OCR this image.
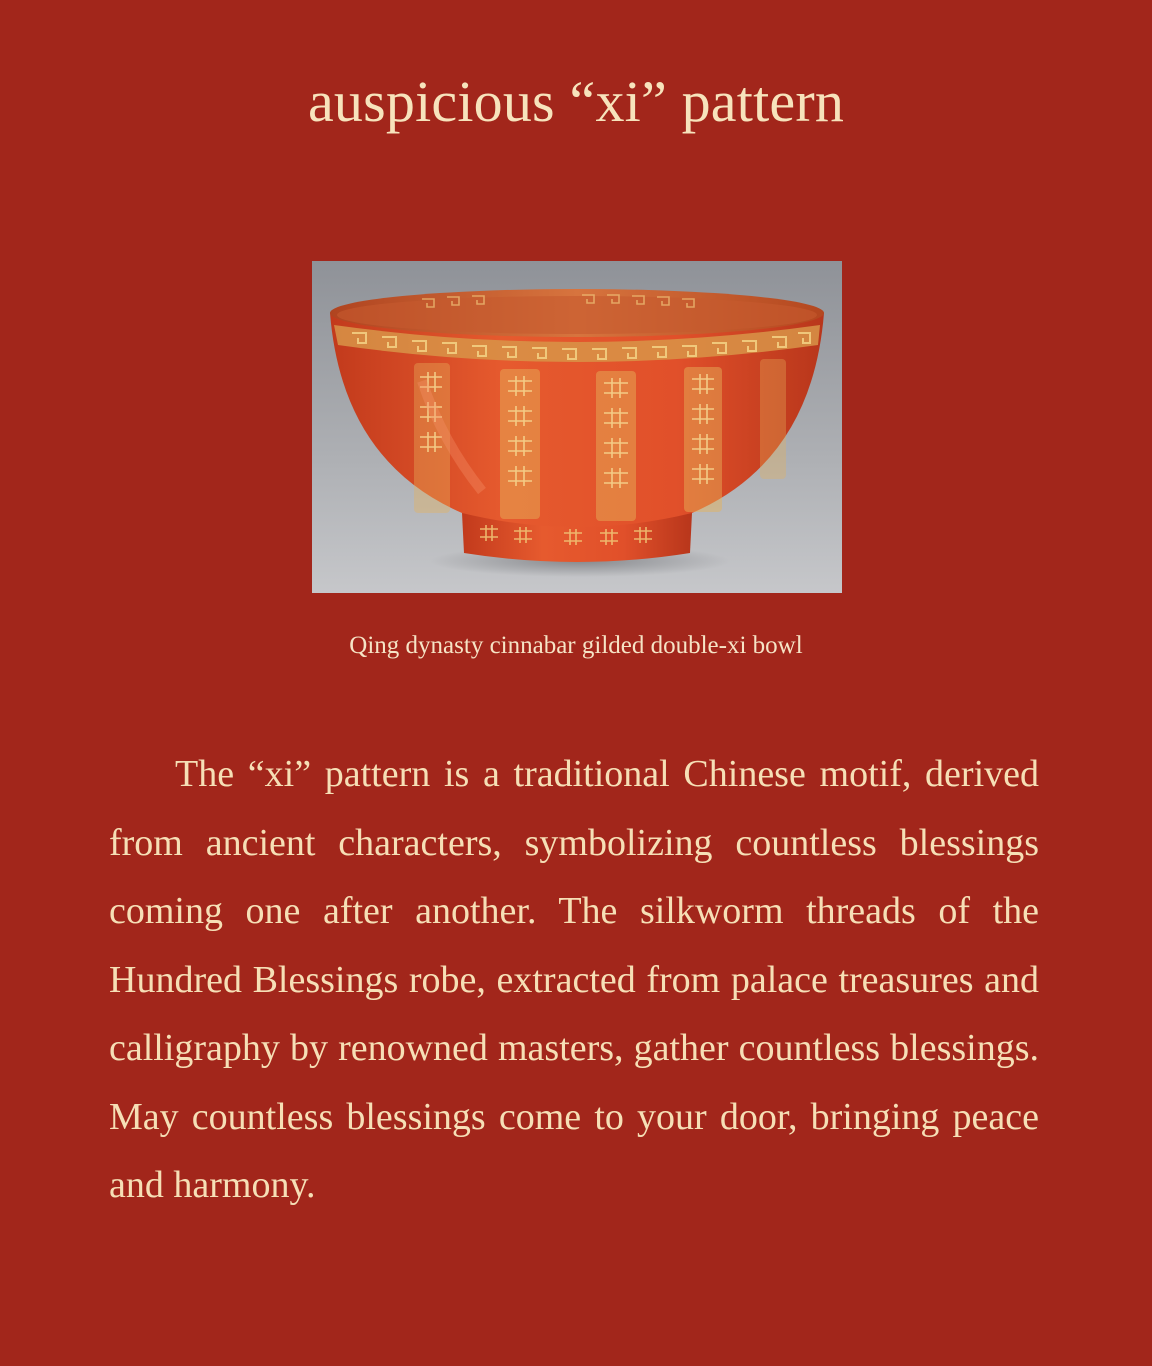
auspicious “xi” pattern
Qing dynasty cinnabar gilded double-xi bowl

The “xi” pattern is a traditional Chinese motif, derived from ancient characters, symbolizing countless blessings coming one after another. The silkworm threads of the Hundred Blessings robe, extracted from palace treasures and calligraphy by renowned masters, gather countless blessings. May countless blessings come to your door, bringing peace and harmony.
